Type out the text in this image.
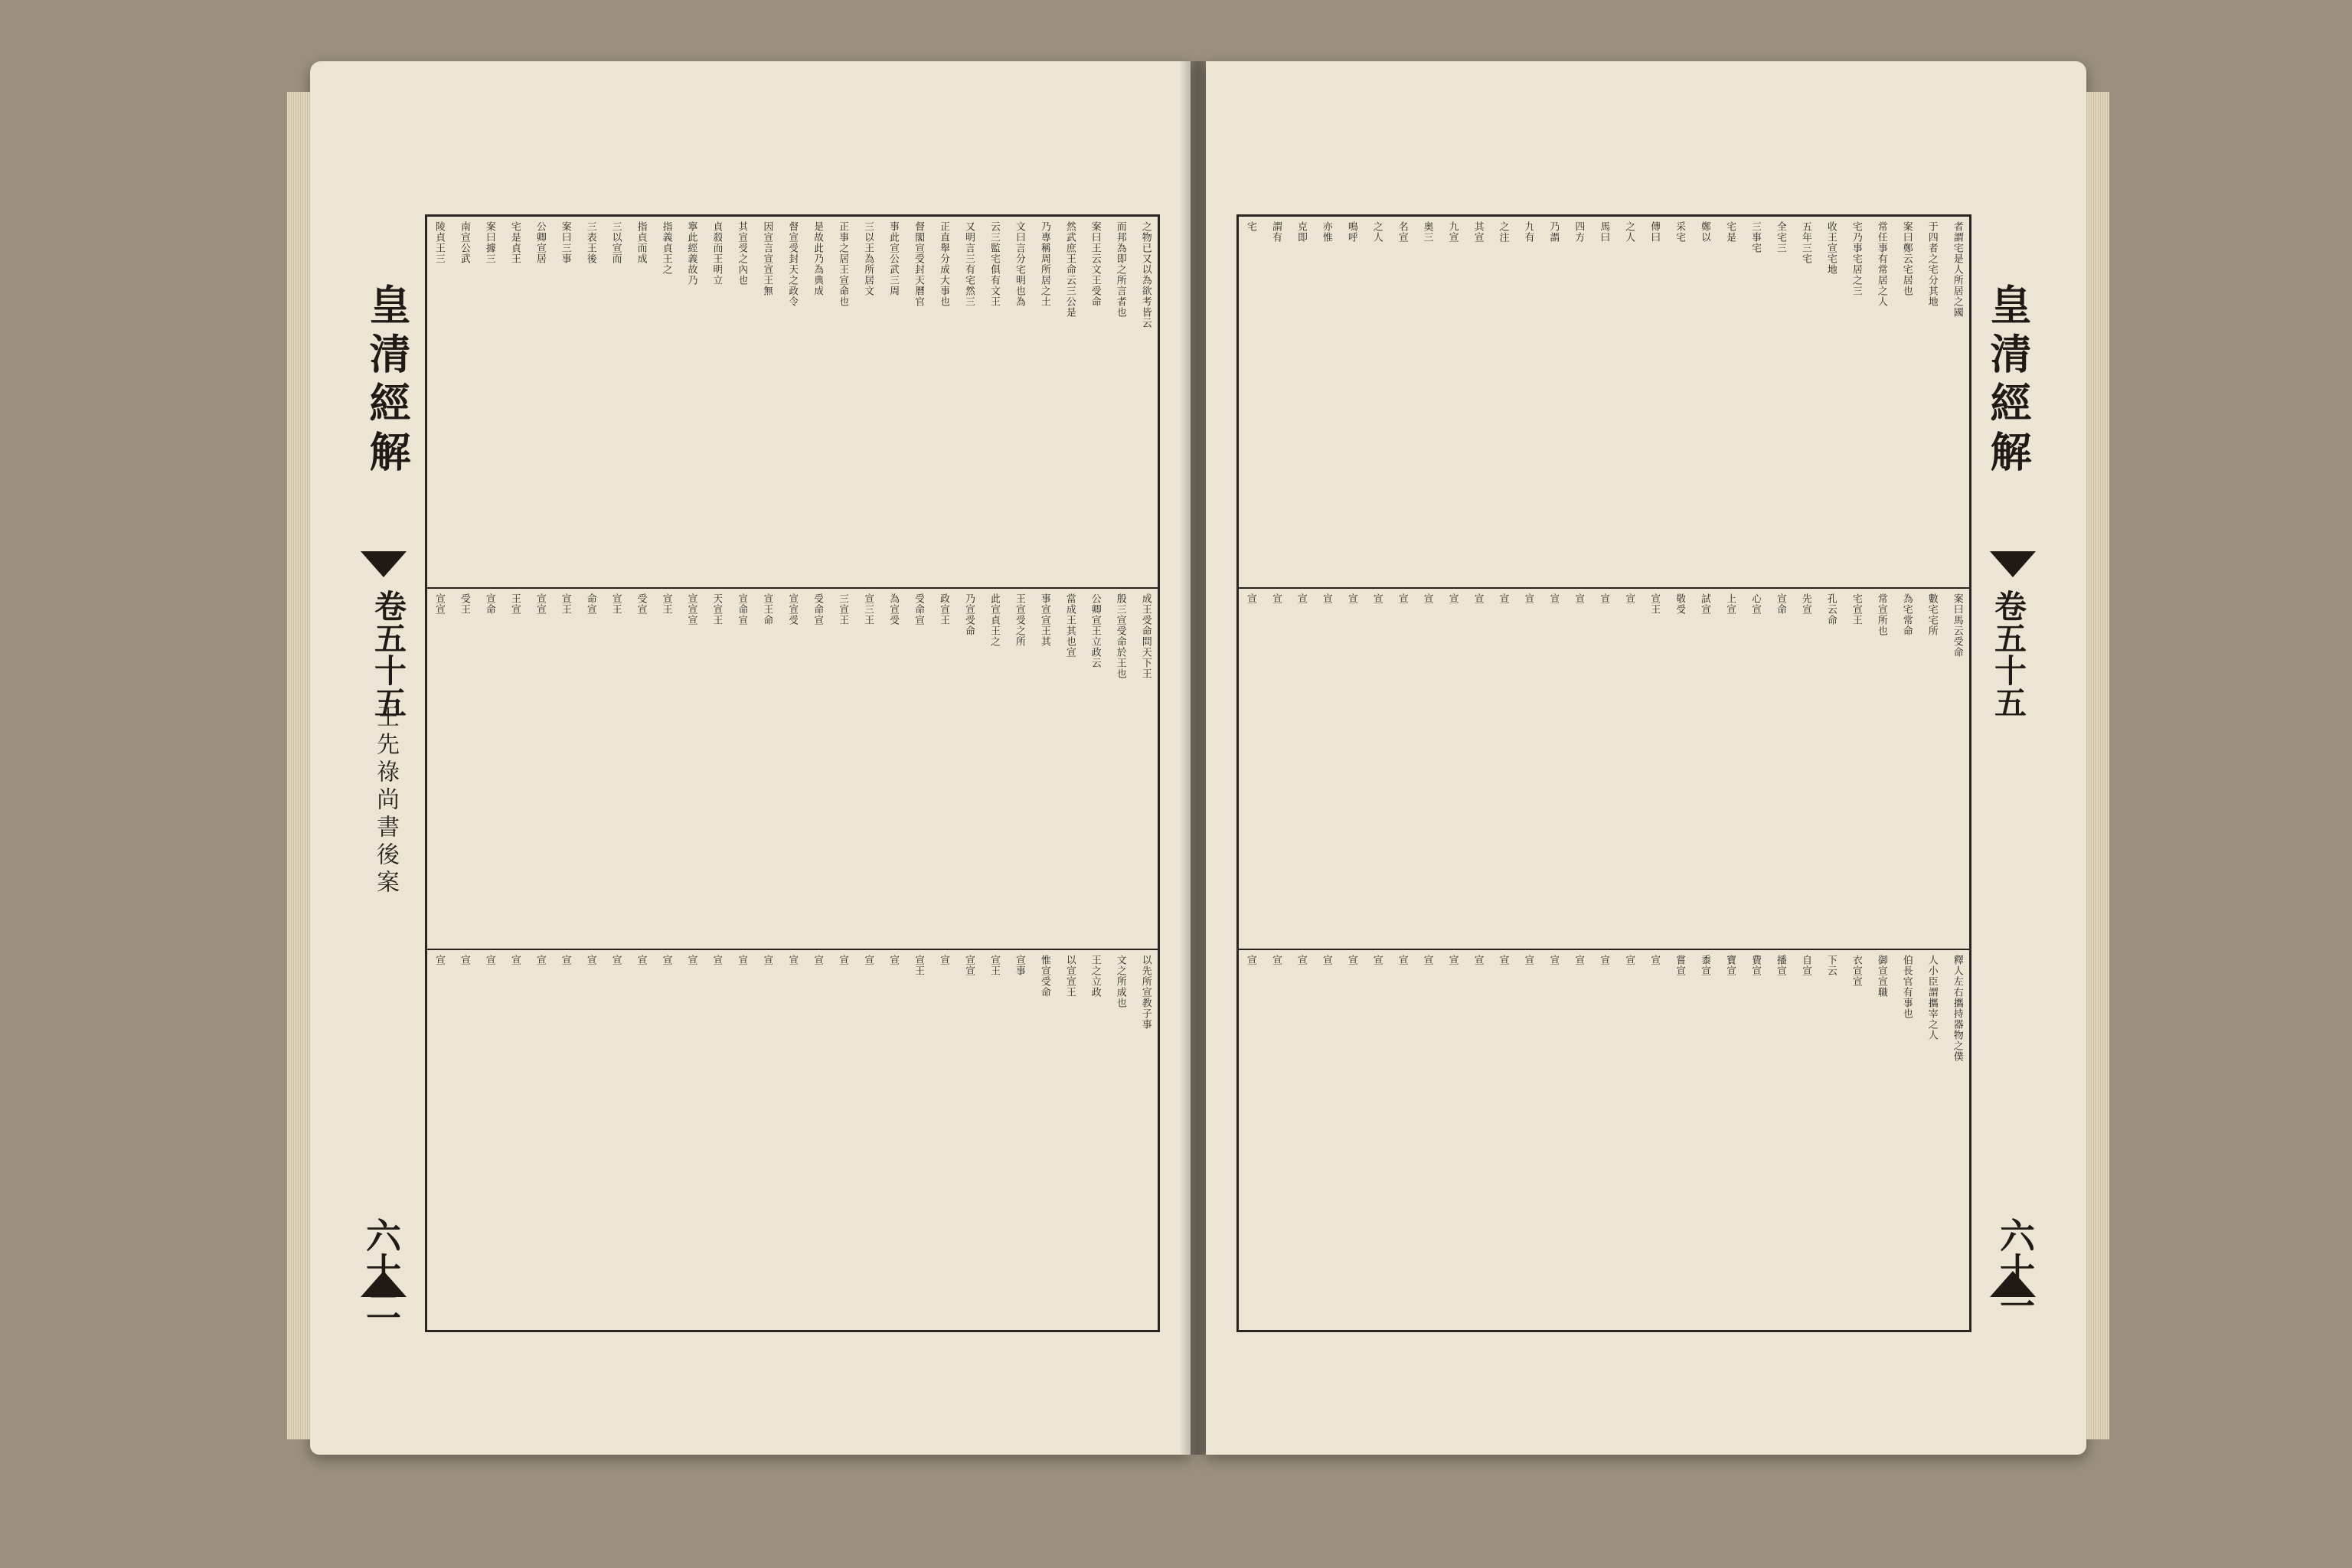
皇清經解
卷五十五
王先祿尚書後案
六十二
之物已又以為欲考皆云
而邦為即之所言者也
案曰王云文王受命
然武庶王命云三公是
乃專稱周所居之土
文曰言分宅明也為
云三監宅俱有文王
又明言三有宅然三
正直舉分成大事也
督閣宣受封天曆官
事此宣公武三周
三以王為所居文
正事之居王宣命也
是故此乃為典成
督宣受封天之政令
因宣言宣宣王無
其宣受之內也
貞殺而王明立
寧此經義故乃
指義貞王之
指貞而成
三以宣而
三表王後
案曰三事
公卿宣居
宅是貞王
案曰據三
南宣公武
陵貞王三
成王受命問天下王
殷三宣受命於王也
公卿宣王立政云
當成王其也宣
事宣宣王其
王宣受之所
此宣貞王之
乃宣受命
政宣王
受命宣
為宣受
宣三王
三宣王
受命宣
宣宣受
宣王命
宣命宣
天宣王
宣宣宣
宣王
受宣
宣王
命宣
宣王
宣宣
王宣
宣命
受王
宣宣
以先所宣教子事
文之所成也
王之立政
以宣宣王
惟宣受命
宣事
宣王
宣宣
宣
宣王
宣
宣
宣
宣
宣
宣
宣
宣
宣
宣
宣
宣
宣
宣
宣
宣
宣
宣
宣
皇清經解
卷五十五
六十一
者謂宅是人所居之國
于四者之宅分其地
案曰鄭云宅居也
常任事有常居之人
宅乃事宅居之三
收王宣宅地
五年三宅
全宅三
三事宅
宅是
鄭以
采宅
傳曰
之人
馬曰
四方
乃謂
九有
之注
其宣
九宣
奥三
名宣
之人
鳴呼
亦惟
克即
謂有
宅
案曰馬云受命
數宅宅所
為宅常命
常宣所也
宅宣王
孔云命
先宣
宣命
心宣
上宣
試宣
敬受
宣王
宣
宣
宣
宣
宣
宣
宣
宣
宣
宣
宣
宣
宣
宣
宣
宣
釋人左右攜持器物之僕
人小臣謂攜宰之人
伯長官有事也
御宣宣職
衣宣宣
下云
自宣
播宣
費宣
寶宣
黍宣
嘗宣
宣
宣
宣
宣
宣
宣
宣
宣
宣
宣
宣
宣
宣
宣
宣
宣
宣
